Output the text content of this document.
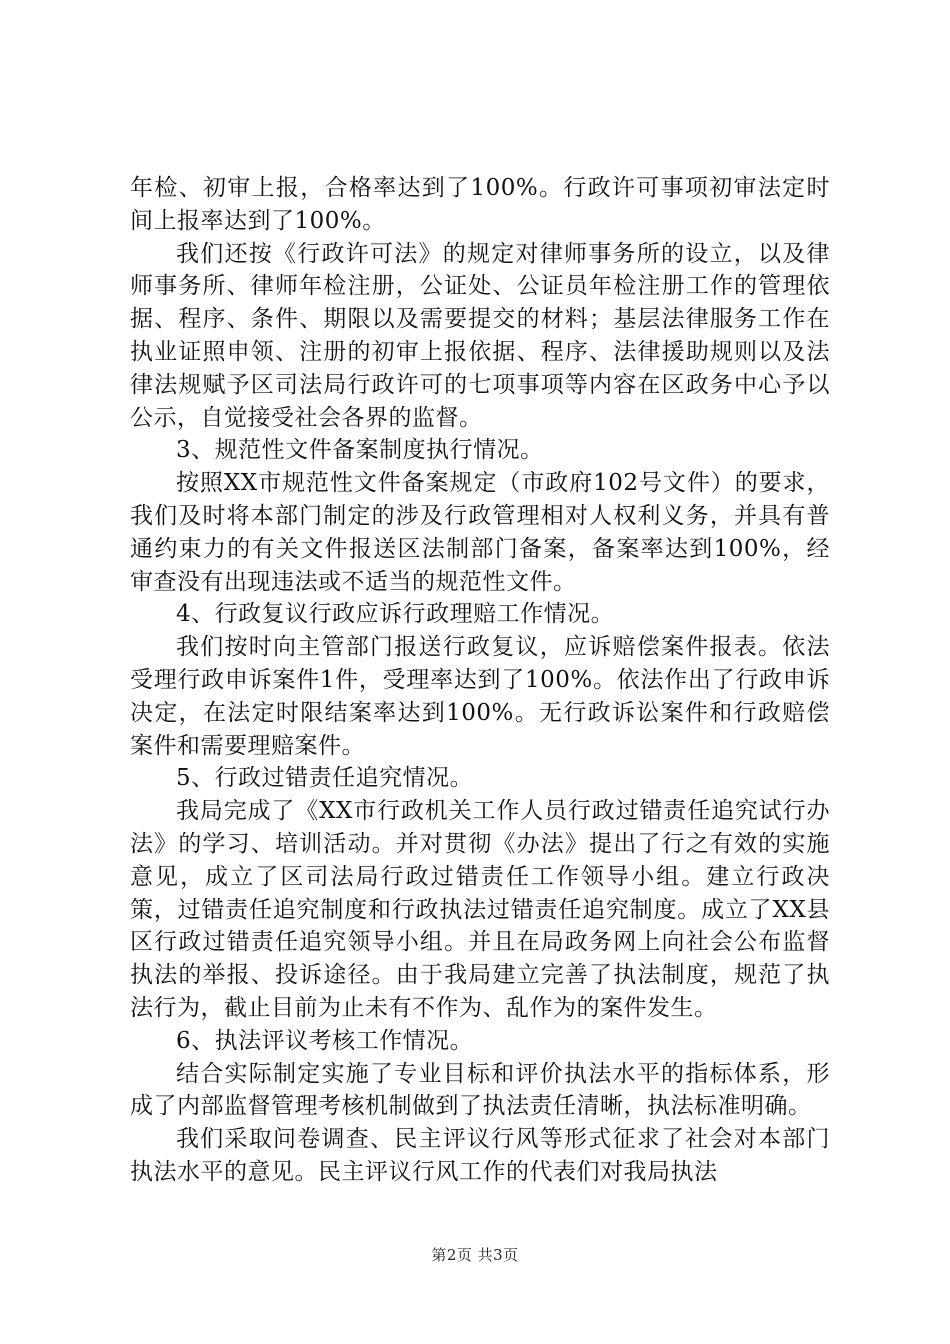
年检、初审上报，合格率达到了100%。行政许可事项初审法定时间上报率达到了100%。

我们还按《行政许可法》的规定对律师事务所的设立，以及律师事务所、律师年检注册，公证处、公证员年检注册工作的管理依据、程序、条件、期限以及需要提交的材料；基层法律服务工作在执业证照申领、注册的初审上报依据、程序、法律援助规则以及法律法规赋予区司法局行政许可的七项事项等内容在区政务中心予以公示，自觉接受社会各界的监督。

3、规范性文件备案制度执行情况。

按照XX市规范性文件备案规定（市政府102号文件）的要求，我们及时将本部门制定的涉及行政管理相对人权利义务，并具有普通约束力的有关文件报送区法制部门备案，备案率达到100%，经审查没有出现违法或不适当的规范性文件。

4、行政复议行政应诉行政理赔工作情况。

我们按时向主管部门报送行政复议，应诉赔偿案件报表。依法受理行政申诉案件1件，受理率达到了100%。依法作出了行政申诉决定，在法定时限结案率达到100%。无行政诉讼案件和行政赔偿案件和需要理赔案件。

5、行政过错责任追究情况。

我局完成了《XX市行政机关工作人员行政过错责任追究试行办法》的学习、培训活动。并对贯彻《办法》提出了行之有效的实施意见，成立了区司法局行政过错责任工作领导小组。建立行政决策，过错责任追究制度和行政执法过错责任追究制度。成立了XX县区行政过错责任追究领导小组。并且在局政务网上向社会公布监督执法的举报、投诉途径。由于我局建立完善了执法制度，规范了执法行为，截止目前为止未有不作为、乱作为的案件发生。

6、执法评议考核工作情况。

结合实际制定实施了专业目标和评价执法水平的指标体系，形成了内部监督管理考核机制做到了执法责任清晰，执法标准明确。

我们采取问卷调查、民主评议行风等形式征求了社会对本部门执法水平的意见。民主评议行风工作的代表们对我局执法

第2页 共3页
